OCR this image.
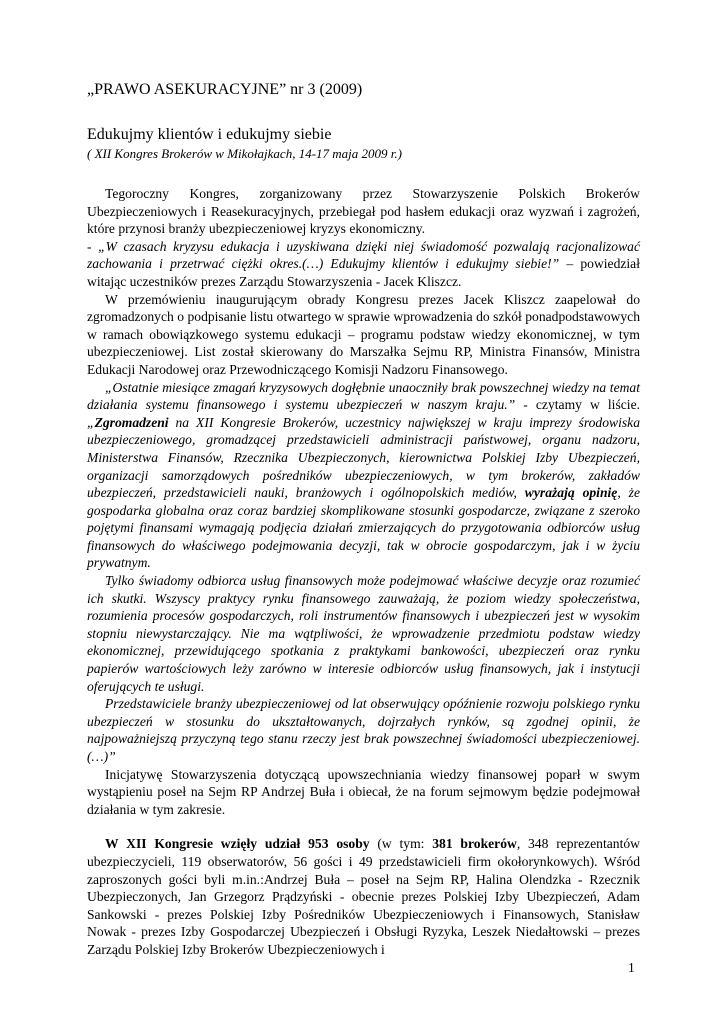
„PRAWO ASEKURACYJNE” nr 3 (2009)

Edukujmy klientów i edukujmy siebie

( XII Kongres Brokerów w Mikołajkach, 14-17 maja 2009 r.)

Tegoroczny Kongres, zorganizowany przez Stowarzyszenie Polskich Brokerów Ubezpieczeniowych i Reasekuracyjnych, przebiegał pod hasłem edukacji oraz wyzwań i zagrożeń, które przynosi branży ubezpieczeniowej kryzys ekonomiczny.

- „W czasach kryzysu edukacja i uzyskiwana dzięki niej świadomość pozwalają racjonalizować zachowania i przetrwać ciężki okres.(…) Edukujmy klientów i edukujmy siebie!” – powiedział witając uczestników prezes Zarządu Stowarzyszenia - Jacek Kliszcz.

W przemówieniu inaugurującym obrady Kongresu prezes Jacek Kliszcz zaapelował do zgromadzonych o podpisanie listu otwartego w sprawie wprowadzenia do szkół ponadpodstawowych w ramach obowiązkowego systemu edukacji – programu podstaw wiedzy ekonomicznej, w tym ubezpieczeniowej. List został skierowany do Marszałka Sejmu RP, Ministra Finansów, Ministra Edukacji Narodowej oraz Przewodniczącego Komisji Nadzoru Finansowego.

„Ostatnie miesiące zmagań kryzysowych dogłębnie unaoczniły brak powszechnej wiedzy na temat działania systemu finansowego i systemu ubezpieczeń w naszym kraju.” - czytamy w liście. „Zgromadzeni na XII Kongresie Brokerów, uczestnicy największej w kraju imprezy środowiska ubezpieczeniowego, gromadzącej przedstawicieli administracji państwowej, organu nadzoru, Ministerstwa Finansów, Rzecznika Ubezpieczonych, kierownictwa Polskiej Izby Ubezpieczeń, organizacji samorządowych pośredników ubezpieczeniowych, w tym brokerów, zakładów ubezpieczeń, przedstawicieli nauki, branżowych i ogólnopolskich mediów, wyrażają opinię, że gospodarka globalna oraz coraz bardziej skomplikowane stosunki gospodarcze, związane z szeroko pojętymi finansami wymagają podjęcia działań zmierzających do przygotowania odbiorców usług finansowych do właściwego podejmowania decyzji, tak w obrocie gospodarczym, jak i w życiu prywatnym.

Tylko świadomy odbiorca usług finansowych może podejmować właściwe decyzje oraz rozumieć ich skutki. Wszyscy praktycy rynku finansowego zauważają, że poziom wiedzy społeczeństwa, rozumienia procesów gospodarczych, roli instrumentów finansowych i ubezpieczeń jest w wysokim stopniu niewystarczający. Nie ma wątpliwości, że wprowadzenie przedmiotu podstaw wiedzy ekonomicznej, przewidującego spotkania z praktykami bankowości, ubezpieczeń oraz rynku papierów wartościowych leży zarówno w interesie odbiorców usług finansowych, jak i instytucji oferujących te usługi.

Przedstawiciele branży ubezpieczeniowej od lat obserwujący opóźnienie rozwoju polskiego rynku ubezpieczeń w stosunku do ukształtowanych, dojrzałych rynków, są zgodnej opinii, że najpoważniejszą przyczyną tego stanu rzeczy jest brak powszechnej świadomości ubezpieczeniowej.(…)”

Inicjatywę Stowarzyszenia dotyczącą upowszechniania wiedzy finansowej poparł w swym wystąpieniu poseł na Sejm RP Andrzej Buła i obiecał, że na forum sejmowym będzie podejmował działania w tym zakresie.

W XII Kongresie wzięły udział 953 osoby (w tym: 381 brokerów, 348 reprezentantów ubezpieczycieli, 119 obserwatorów, 56 gości i 49 przedstawicieli firm okołorynkowych). Wśród zaproszonych gości byli m.in.:Andrzej Buła – poseł na Sejm RP, Halina Olendzka - Rzecznik Ubezpieczonych, Jan Grzegorz Prądzyński - obecnie prezes Polskiej Izby Ubezpieczeń, Adam Sankowski - prezes Polskiej Izby Pośredników Ubezpieczeniowych i Finansowych, Stanisław Nowak - prezes Izby Gospodarczej Ubezpieczeń i Obsługi Ryzyka, Leszek Niedałtowski – prezes Zarządu Polskiej Izby Brokerów Ubezpieczeniowych i

1
